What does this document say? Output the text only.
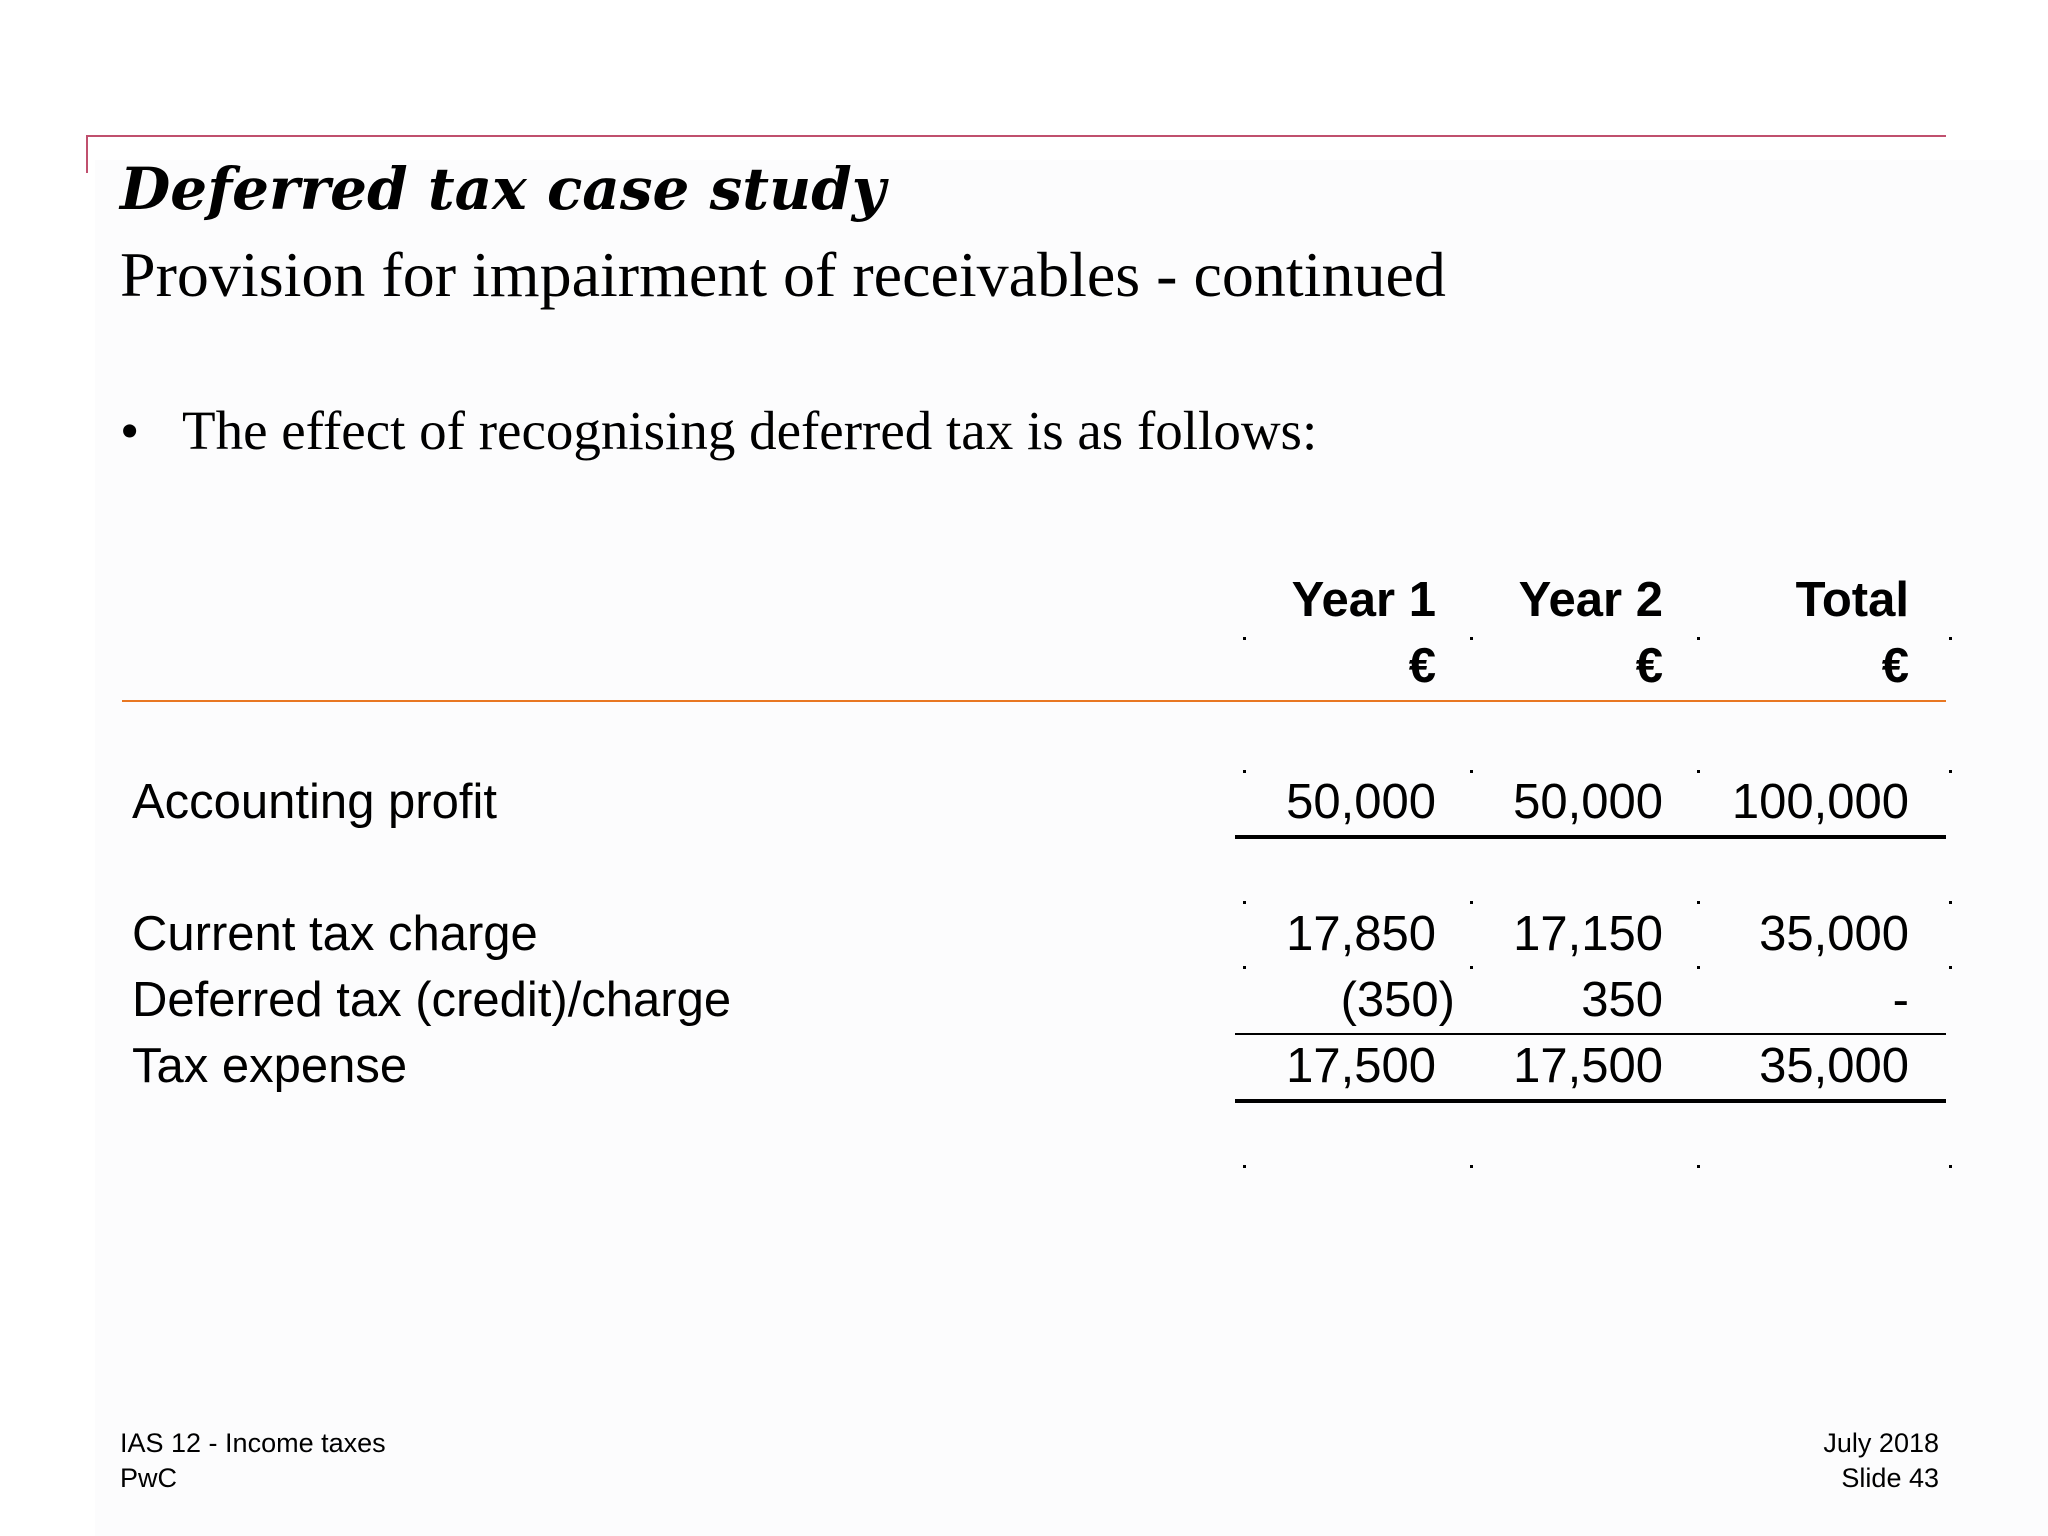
Deferred tax case study
Provision for impairment of receivables - continued
• The effect of recognising deferred tax is as follows:
Year 1 Year 2	Total
€	€	€
Accounting profit	50,000 50,000 100,000
Current tax charge	17,850 17,150 35,000
Deferred tax (credit)/charge	(350)	350	-
Tax expense	17,500 17,500 35,000
IAS 12 - Income taxes
PwC
July 2018
Slide 43
